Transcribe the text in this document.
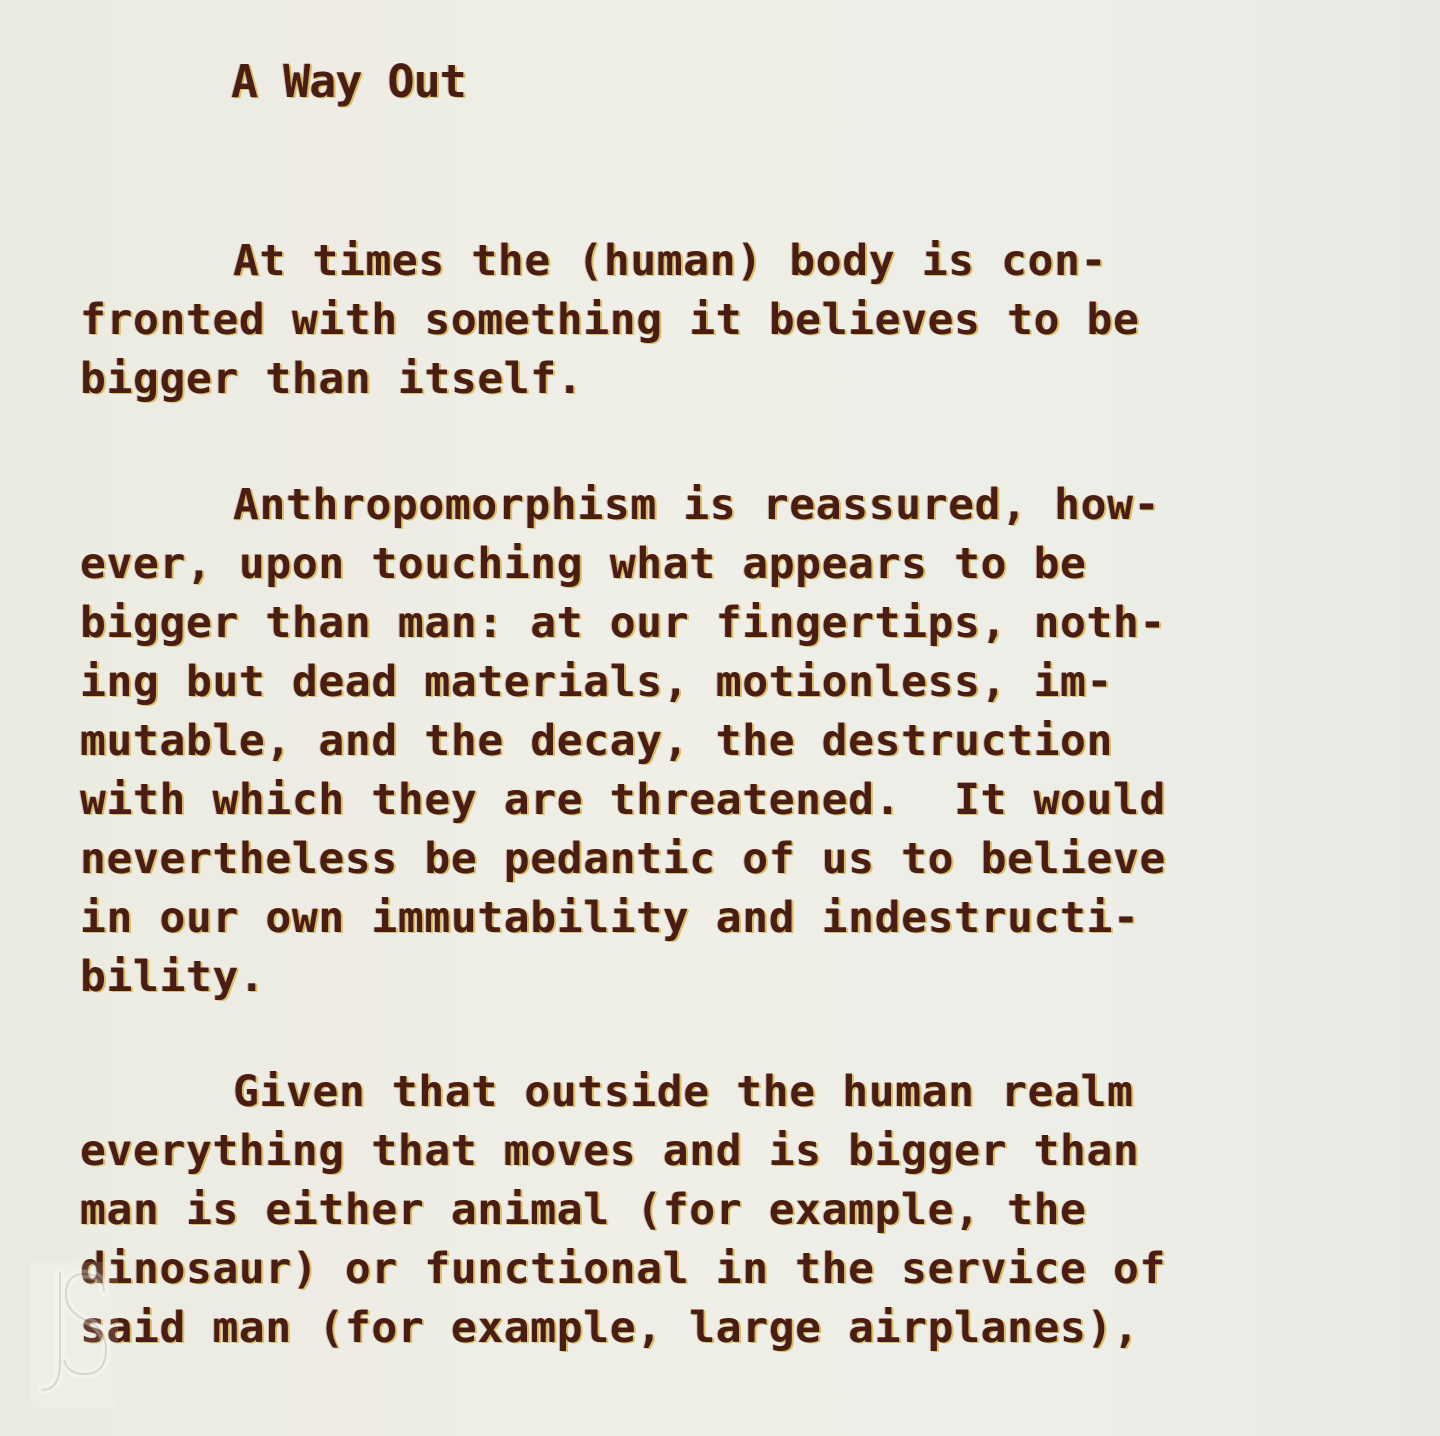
A Way Out

At times the (human) body is con-

fronted with something it believes to be

bigger than itself.

Anthropomorphism is reassured, how-

ever, upon touching what appears to be

bigger than man: at our fingertips, noth-

ing but dead materials, motionless, im-

mutable, and the decay, the destruction

with which they are threatened.  It would

nevertheless be pedantic of us to believe

in our own immutability and indestructi-

bility.

Given that outside the human realm

everything that moves and is bigger than

man is either animal (for example, the

dinosaur) or functional in the service of

said man (for example, large airplanes),
